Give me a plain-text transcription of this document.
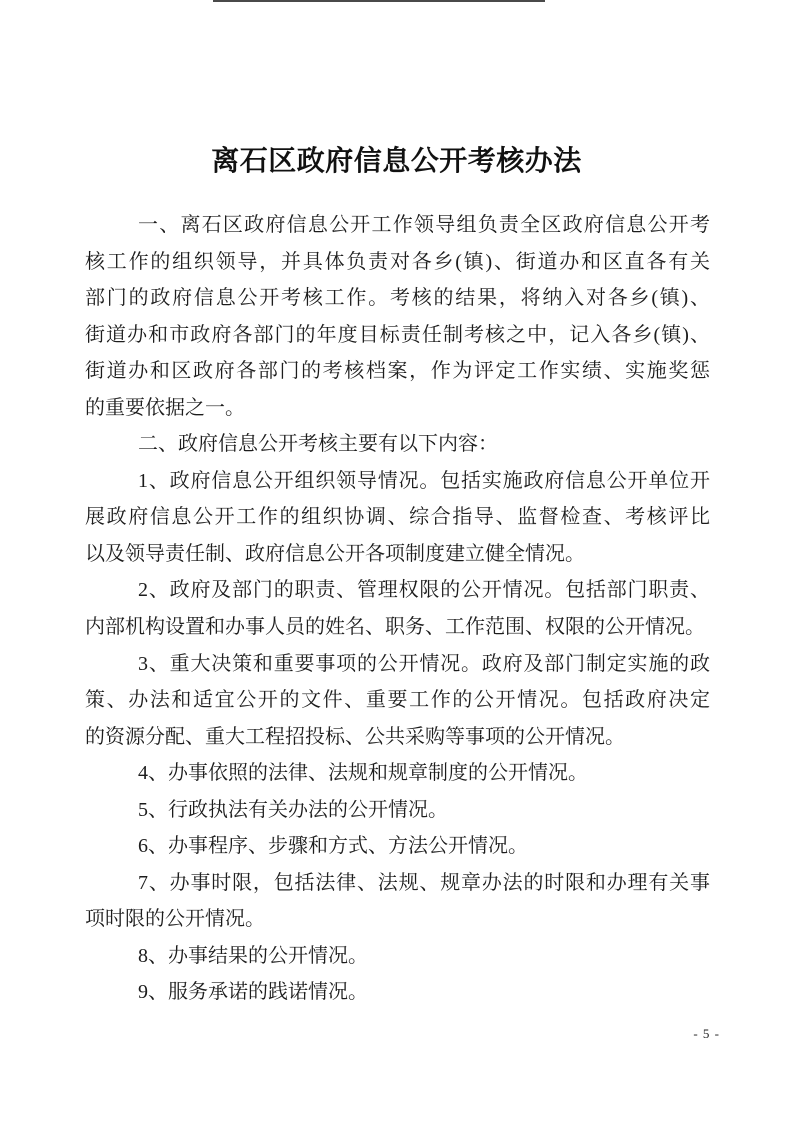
离石区政府信息公开考核办法
一、离石区政府信息公开工作领导组负责全区政府信息公开考
核工作的组织领导，并具体负责对各乡(镇)、街道办和区直各有关
部门的政府信息公开考核工作。考核的结果，将纳入对各乡(镇)、
街道办和市政府各部门的年度目标责任制考核之中，记入各乡(镇)、
街道办和区政府各部门的考核档案，作为评定工作实绩、实施奖惩
的重要依据之一。
二、政府信息公开考核主要有以下内容：
1、政府信息公开组织领导情况。包括实施政府信息公开单位开
展政府信息公开工作的组织协调、综合指导、监督检查、考核评比
以及领导责任制、政府信息公开各项制度建立健全情况。
2、政府及部门的职责、管理权限的公开情况。包括部门职责、
内部机构设置和办事人员的姓名、职务、工作范围、权限的公开情况。
3、重大决策和重要事项的公开情况。政府及部门制定实施的政
策、办法和适宜公开的文件、重要工作的公开情况。包括政府决定
的资源分配、重大工程招投标、公共采购等事项的公开情况。
4、办事依照的法律、法规和规章制度的公开情况。
5、行政执法有关办法的公开情况。
6、办事程序、步骤和方式、方法公开情况。
7、办事时限，包括法律、法规、规章办法的时限和办理有关事
项时限的公开情况。
8、办事结果的公开情况。
9、服务承诺的践诺情况。
- 5 -
